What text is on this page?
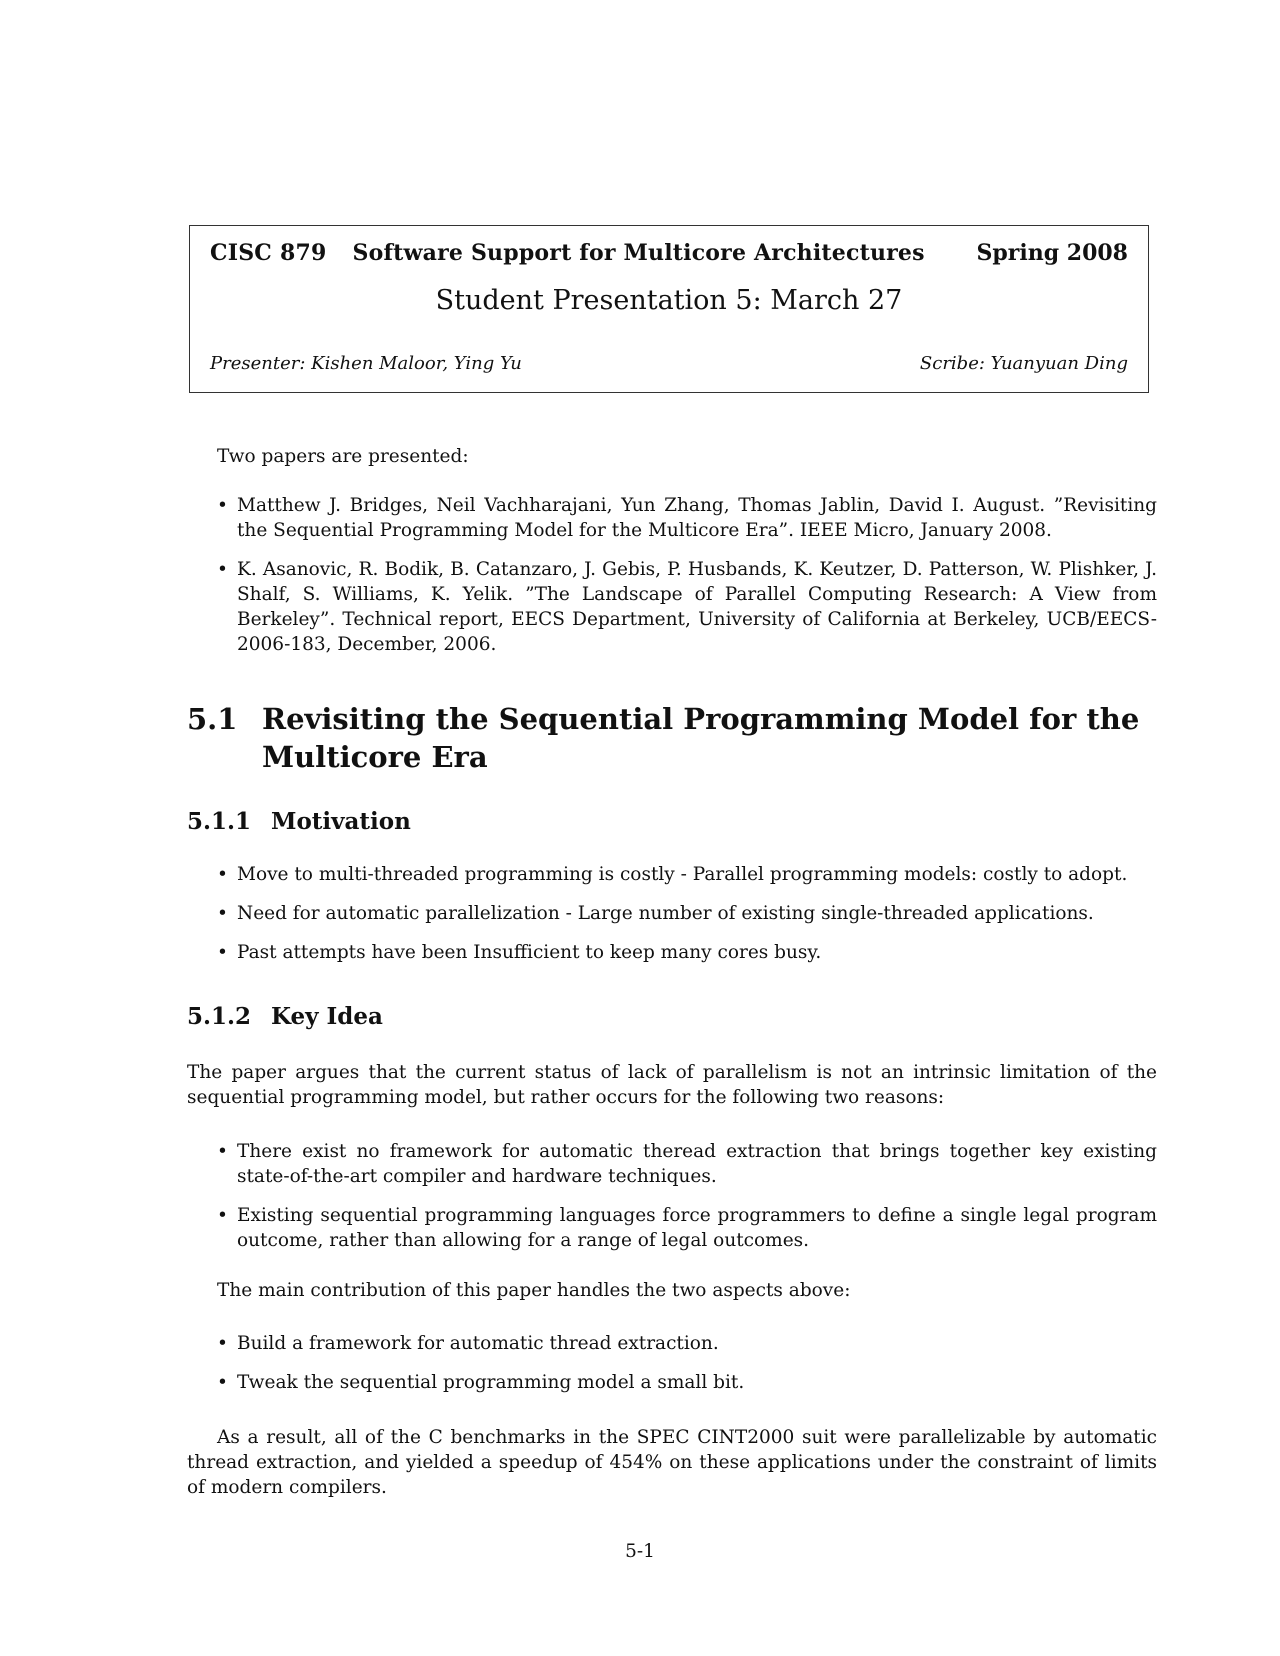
CISC 879 Software Support for Multicore Architectures Spring 2008
Student Presentation 5: March 27
Presenter: Kishen Maloor, Ying Yu	Scribe: Yuanyuan Ding
Two papers are presented:
• Matthew J. Bridges, Neil Vachharajani, Yun Zhang, Thomas Jablin, David I. August. ”Revisiting the Sequential Programming Model for the Multicore Era”. IEEE Micro, January 2008.
• K. Asanovic, R. Bodik, B. Catanzaro, J. Gebis, P. Husbands, K. Keutzer, D. Patterson, W. Plishker, J. Shalf, S. Williams, K. Yelik. ”The Landscape of Parallel Computing Research: A View from Berkeley”. Technical report, EECS Department, University of California at Berkeley, UCB/EECS-2006-183, December, 2006.
5.1 Revisiting the Sequential Programming Model for the Multicore Era
5.1.1 Motivation
• Move to multi-threaded programming is costly - Parallel programming models: costly to adopt.
• Need for automatic parallelization - Large number of existing single-threaded applications.
• Past attempts have been Insufficient to keep many cores busy.
5.1.2 Key Idea
The paper argues that the current status of lack of parallelism is not an intrinsic limitation of the sequential programming model, but rather occurs for the following two reasons:
• There exist no framework for automatic theread extraction that brings together key existing state-of-the-art compiler and hardware techniques.
• Existing sequential programming languages force programmers to define a single legal program outcome, rather than allowing for a range of legal outcomes.
The main contribution of this paper handles the two aspects above:
• Build a framework for automatic thread extraction.
• Tweak the sequential programming model a small bit.
As a result, all of the C benchmarks in the SPEC CINT2000 suit were parallelizable by automatic thread extraction, and yielded a speedup of 454% on these applications under the constraint of limits of modern compilers.
5-1
